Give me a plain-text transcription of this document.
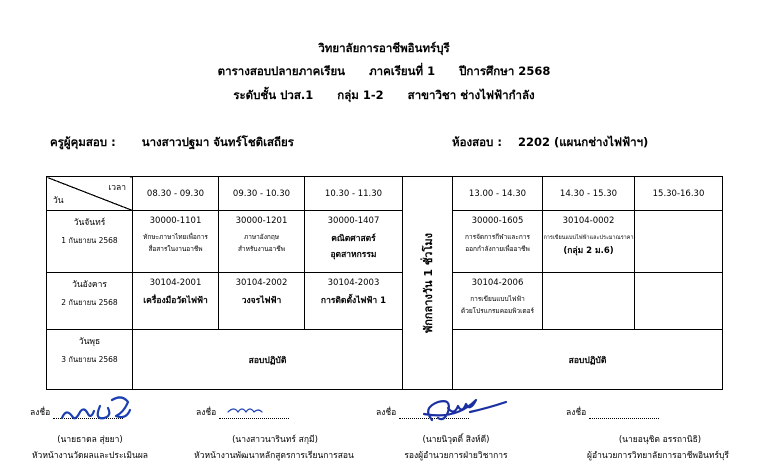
วิทยาลัยการอาชีพอินทร์บุรี
ตารางสอบปลายภาคเรียน ภาคเรียนที่ 1 ปีการศึกษา 2568
ระดับชั้น ปวส.1 กลุ่ม 1-2 สาขาวิชา ช่างไฟฟ้ากำลัง
ครูผู้คุมสอบ : นางสาวปฐมา จันทร์โชติเสถียร	ห้องสอบ : 2202 (แผนกช่างไฟฟ้าฯ)
เวลา
วัน	08.30 - 09.30	09.30 - 10.30	10.30 - 11.30	พักกลางวัน 1 ชั่วโมง	13.00 - 14.30	14.30 - 15.30	15.30-16.30

วันจันทร์
1 กันยายน 2568	30000-1101
ทักษะภาษาไทยเพื่อการ
สื่อสารในงานอาชีพ	30000-1201
ภาษาอังกฤษ
สำหรับงานอาชีพ	30000-1407
คณิตศาสตร์
อุตสาหกรรม		30000-1605
การจัดการกีฬาและการ
ออกกำลังกายเพื่ออาชีพ	30104-0002
การเขียนแบบไฟฟ้าและประมาณราคา
(กลุ่ม 2 ม.6)	

วันอังคาร
2 กันยายน 2568	30104-2001
เครื่องมือวัดไฟฟ้า	30104-2002
วงจรไฟฟ้า	30104-2003
การติดตั้งไฟฟ้า 1		30104-2006
การเขียนแบบไฟฟ้า
ด้วยโปรแกรมคอมพิวเตอร์		

วันพุธ
3 กันยายน 2568	สอบปฏิบัติ				สอบปฏิบัติ		
ลงชื่อ	ลงชื่อ	ลงชื่อ	ลงชื่อ
(นายธาดล สุ่ยยา)	(นางสาวนารินทร์ สกุมี)	(นายนิวุตติ์ สิงห์ดี)	(นายอนุชิต อรรถานิธิ)
หัวหน้างานวัดผลและประเมินผล	หัวหน้างานพัฒนาหลักสูตรการเรียนการสอน	รองผู้อำนวยการฝ่ายวิชาการ	ผู้อำนวยการวิทยาลัยการอาชีพอินทร์บุรี
